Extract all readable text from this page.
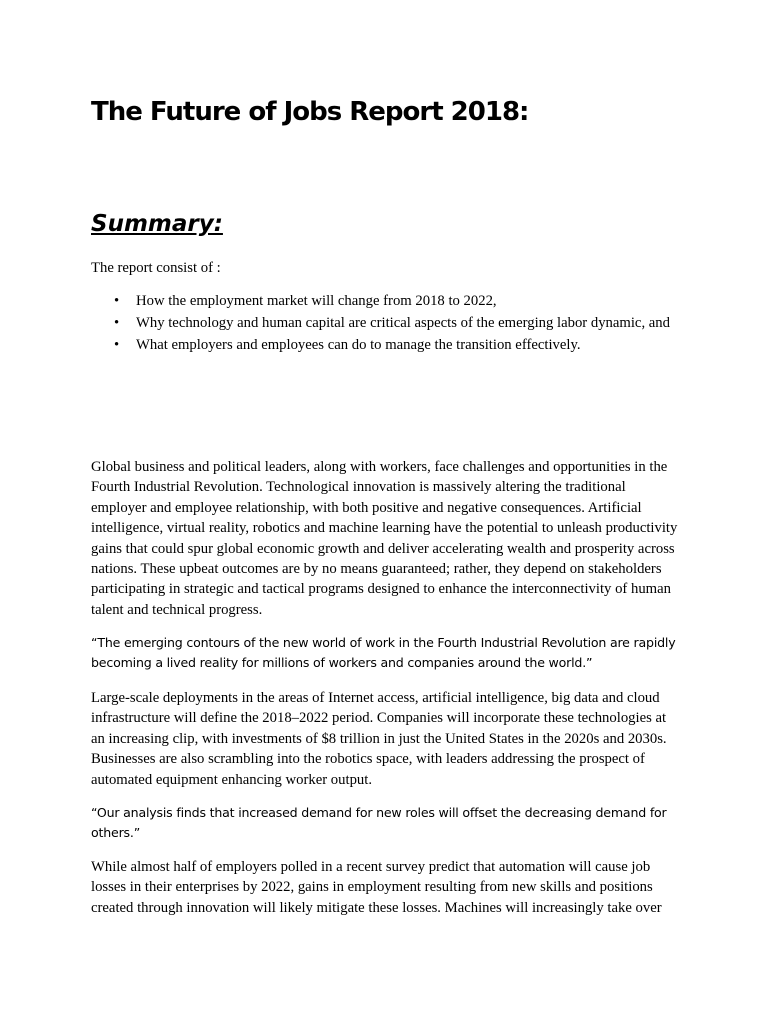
The Future of Jobs Report 2018:
Summary:

The report consist of :

• How the employment market will change from 2018 to 2022,
• Why technology and human capital are critical aspects of the emerging labor dynamic, and
• What employers and employees can do to manage the transition effectively.

Global business and political leaders, along with workers, face challenges and opportunities in the Fourth Industrial Revolution. Technological innovation is massively altering the traditional employer and employee relationship, with both positive and negative consequences. Artificial intelligence, virtual reality, robotics and machine learning have the potential to unleash productivity gains that could spur global economic growth and deliver accelerating wealth and prosperity across nations. These upbeat outcomes are by no means guaranteed; rather, they depend on stakeholders participating in strategic and tactical programs designed to enhance the interconnectivity of human talent and technical progress.

“The emerging contours of the new world of work in the Fourth Industrial Revolution are rapidly becoming a lived reality for millions of workers and companies around the world.”

Large-scale deployments in the areas of Internet access, artificial intelligence, big data and cloud infrastructure will define the 2018–2022 period. Companies will incorporate these technologies at an increasing clip, with investments of $8 trillion in just the United States in the 2020s and 2030s. Businesses are also scrambling into the robotics space, with leaders addressing the prospect of automated equipment enhancing worker output.

“Our analysis finds that increased demand for new roles will offset the decreasing demand for others.”

While almost half of employers polled in a recent survey predict that automation will cause job losses in their enterprises by 2022, gains in employment resulting from new skills and positions created through innovation will likely mitigate these losses. Machines will increasingly take over
